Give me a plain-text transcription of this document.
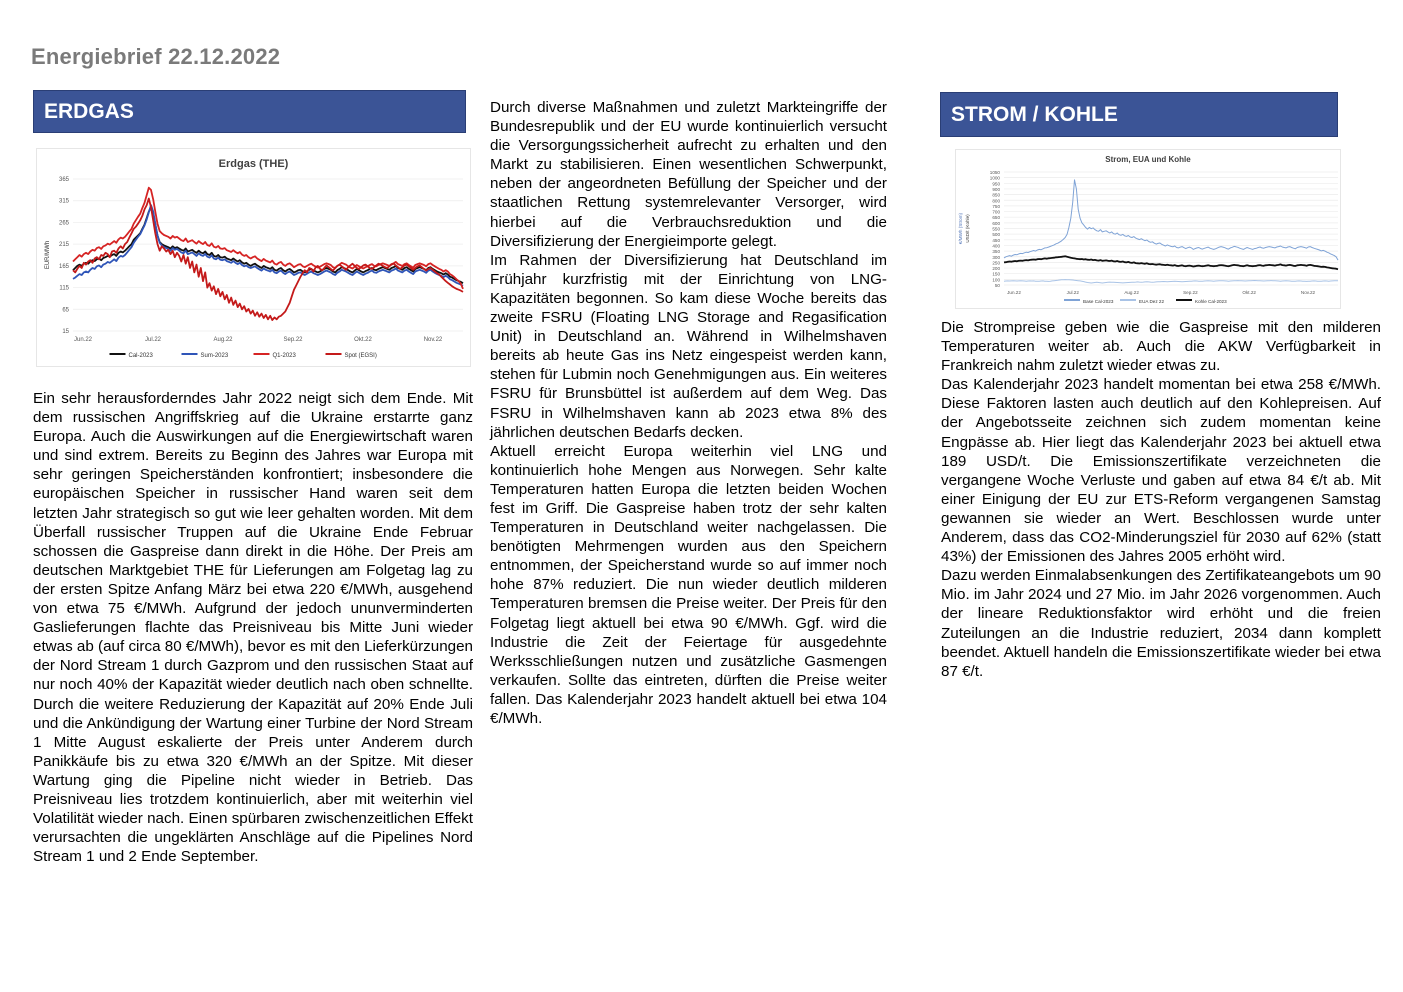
Energiebrief 22.12.2022
ERDGAS
Erdgas (THE)
365
315
265
215
165
115
65
15
Jun.22	Jul.22	Aug.22	Sep.22	Okt.22	Nov.22
EUR/MWh
Cal-2023	Sum-2023	Q1-2023	Spot (EGSI)

Ein sehr herausforderndes Jahr 2022 neigt sich dem Ende. Mit dem russischen Angriffskrieg auf die Ukraine erstarrte ganz Europa. Auch die Auswirkungen auf die Energiewirtschaft waren und sind extrem. Bereits zu Beginn des Jahres war Europa mit sehr geringen Speicherständen konfrontiert; insbesondere die europäischen Speicher in russischer Hand waren seit dem letzten Jahr strategisch so gut wie leer gehalten worden. Mit dem Überfall russischer Truppen auf die Ukraine Ende Februar schossen die Gaspreise dann direkt in die Höhe. Der Preis am deutschen Marktgebiet THE für Lieferungen am Folgetag lag zu der ersten Spitze Anfang März bei etwa 220 €/MWh, ausgehend von etwa 75 €/MWh. Aufgrund der jedoch ununverminderten Gaslieferungen flachte das Preisniveau bis Mitte Juni wieder etwas ab (auf circa 80 €/MWh), bevor es mit den Lieferkürzungen der Nord Stream 1 durch Gazprom und den russischen Staat auf nur noch 40% der Kapazität wieder deutlich nach oben schnellte. Durch die weitere Reduzierung der Kapazität auf 20% Ende Juli und die Ankündigung der Wartung einer Turbine der Nord Stream 1 Mitte August eskalierte der Preis unter Anderem durch Panikkäufe bis zu etwa 320 €/MWh an der Spitze. Mit dieser Wartung ging die Pipeline nicht wieder in Betrieb. Das Preisniveau lies trotzdem kontinuierlich, aber mit weiterhin viel Volatilität wieder nach. Einen spürbaren zwischenzeitlichen Effekt verursachten die ungeklärten Anschläge auf die Pipelines Nord Stream 1 und 2 Ende September.

Durch diverse Maßnahmen und zuletzt Markteingriffe der Bundesrepublik und der EU wurde kontinuierlich versucht die Versorgungssicherheit aufrecht zu erhalten und den Markt zu stabilisieren. Einen wesentlichen Schwerpunkt, neben der angeordneten Befüllung der Speicher und der staatlichen Rettung systemrelevanter Versorger, wird hierbei auf die Verbrauchsreduktion und die Diversifizierung der Energieimporte gelegt.

Im Rahmen der Diversifizierung hat Deutschland im Frühjahr kurzfristig mit der Einrichtung von LNG-Kapazitäten begonnen. So kam diese Woche bereits das zweite FSRU (Floating LNG Storage and Regasification Unit) in Deutschland an. Während in Wilhelmshaven bereits ab heute Gas ins Netz eingespeist werden kann, stehen für Lubmin noch Genehmigungen aus. Ein weiteres FSRU für Brunsbüttel ist außerdem auf dem Weg. Das FSRU in Wilhelmshaven kann ab 2023 etwa 8% des jährlichen deutschen Bedarfs decken.

Aktuell erreicht Europa weiterhin viel LNG und kontinuierlich hohe Mengen aus Norwegen. Sehr kalte Temperaturen hatten Europa die letzten beiden Wochen fest im Griff. Die Gaspreise haben trotz der sehr kalten Temperaturen in Deutschland weiter nachgelassen. Die benötigten Mehrmengen wurden aus den Speichern entnommen, der Speicherstand wurde so auf immer noch hohe 87% reduziert. Die nun wieder deutlich milderen Temperaturen bremsen die Preise weiter. Der Preis für den Folgetag liegt aktuell bei etwa 90 €/MWh. Ggf. wird die Industrie die Zeit der Feiertage für ausgedehnte Werksschließungen nutzen und zusätzliche Gasmengen verkaufen. Sollte das eintreten, dürften die Preise weiter fallen. Das Kalenderjahr 2023 handelt aktuell bei etwa 104 €/MWh.

STROM / KOHLE
Strom, EUA und Kohle
1050
1000
950
900
850
800
750
700
650
600
550
500
450
400
350
300
250
200
150
100
50
Jun.22	Jul.22	Aug.22	Sep.22	Okt.22	Nov.22
€/MWh (Strom) USD/t (Kohle)
Base Cal-2023	EUA Dez 22	Kohle Cal-2023

Die Strompreise geben wie die Gaspreise mit den milderen Temperaturen weiter ab. Auch die AKW Verfügbarkeit in Frankreich nahm zuletzt wieder etwas zu.

Das Kalenderjahr 2023 handelt momentan bei etwa 258 €/MWh. Diese Faktoren lasten auch deutlich auf den Kohlepreisen. Auf der Angebotsseite zeichnen sich zudem momentan keine Engpässe ab. Hier liegt das Kalenderjahr 2023 bei aktuell etwa 189 USD/t. Die Emissionszertifikate verzeichneten die vergangene Woche Verluste und gaben auf etwa 84 €/t ab. Mit einer Einigung der EU zur ETS-Reform vergangenen Samstag gewannen sie wieder an Wert. Beschlossen wurde unter Anderem, dass das CO2-Minderungsziel für 2030 auf 62% (statt 43%) der Emissionen des Jahres 2005 erhöht wird.

Dazu werden Einmalabsenkungen des Zertifikateangebots um 90 Mio. im Jahr 2024 und 27 Mio. im Jahr 2026 vorgenommen. Auch der lineare Reduktionsfaktor wird erhöht und die freien Zuteilungen an die Industrie reduziert, 2034 dann komplett beendet. Aktuell handeln die Emissionszertifikate wieder bei etwa 87 €/t.
